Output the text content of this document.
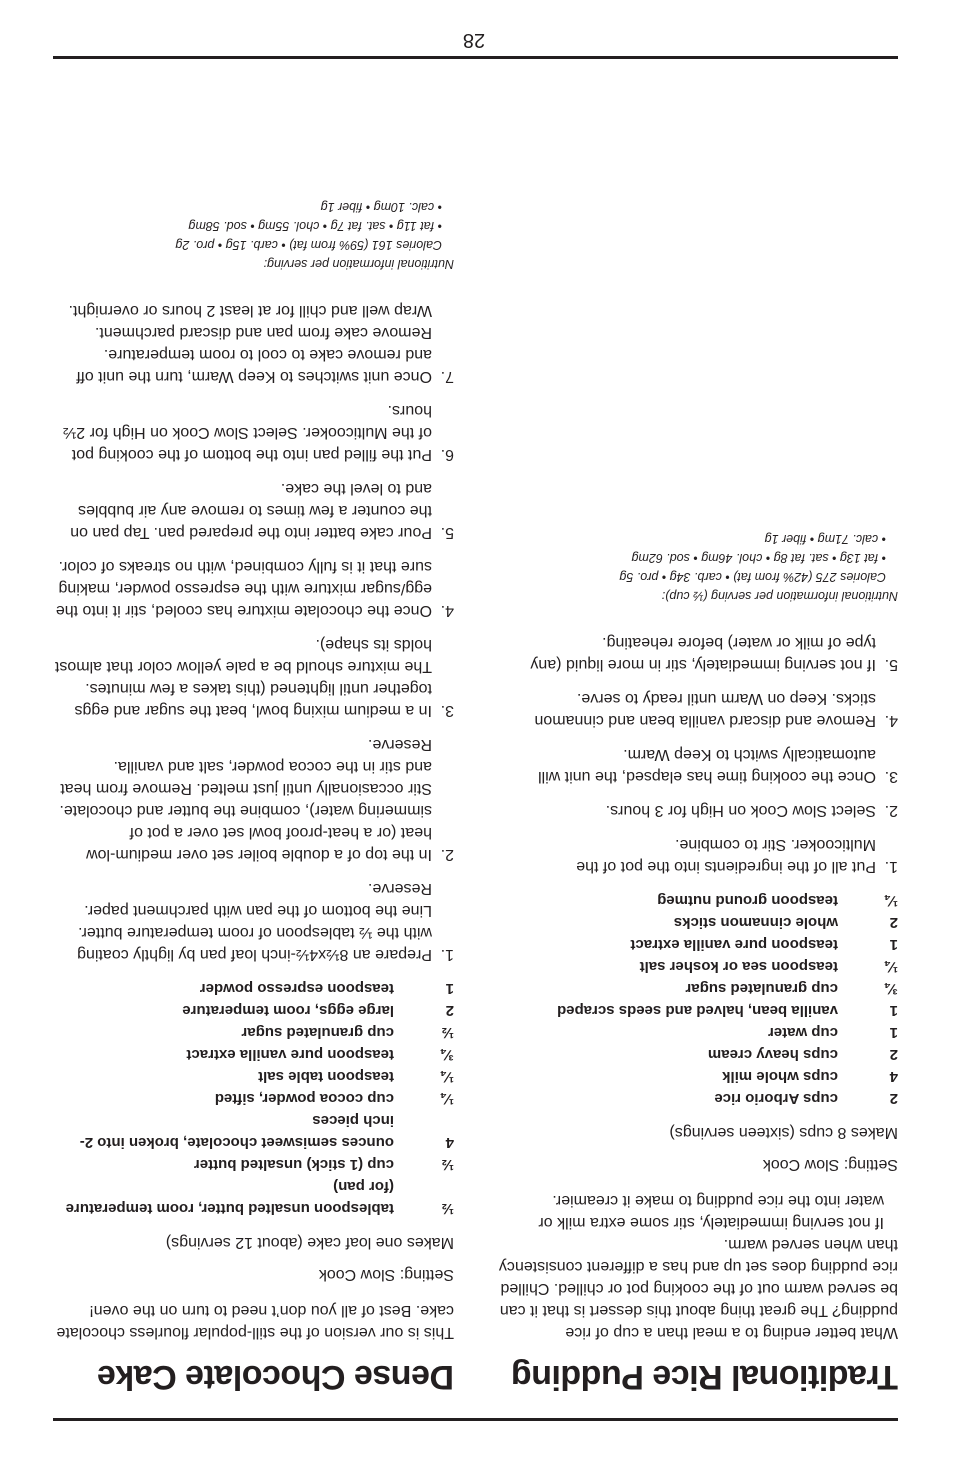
Traditional Rice Pudding

What better ending to a meal than a cup of rice pudding? The great thing about this dessert is that it can be served warm out of the cooking pot or chilled. Chilled rice pudding does set up and has a different consistency than when served warm.

If not serving immediately, stir some extra milk or water into the rice pudding to make it creamier.

Setting: Slow Cook

Makes 8 cups (sixteen servings)

2
cups Arborio rice
4
cups whole milk
2
cups heavy cream
1
cup water
1
vanilla bean, halved and seeds scraped
¾
cup granulated sugar
¼
teaspoon sea or kosher salt
1
teaspoon pure vanilla extract
2
whole cinnamon sticks
¼
teaspoon ground nutmeg
1.
Put all of the ingredients into the pot of the Multicooker. Stir to combine.
2.
Select Slow Cook on High for 3 hours.
3.
Once the cooking time has elapsed, the unit will automatically switch to Keep Warm.
4.
Remove and discard vanilla bean and cinnamon sticks. Keep on Warm until ready to serve.
5.
If not serving immediately, stir in more liquid (any type of milk or water) before reheating.
Nutritional information per serving (½ cup):
Calories 275 (42% from fat) • carb. 34g • pro. 5g
• fat 13g • sat. fat 8g • chol. 46mg • sod. 62mg
• calc. 71mg • fiber 1g
Dense Chocolate Cake

This is our version of the still-popular flourless chocolate cake. Best of all you don’t need to turn on the oven!

Setting: Slow Cook

Makes one loaf cake (about 12 servings)

½
tablespoon unsalted butter, room temperature (for pan)
½
cup (1 stick) unsalted butter
4
ounces semisweet chocolate, broken into 2-inch pieces
¼
cup cocoa powder, sifted
¼
teaspoon table salt
¾
teaspoon pure vanilla extract
½
cup granulated sugar
2
large eggs, room temperature
1
teaspoon espresso powder
1.
Prepare an 8½x4½-inch loaf pan by lightly coating with the ½ tablespoon of room temperature butter. Line the bottom of the pan with parchment paper. Reserve.
2.
In the top of a double boiler set over medium-low heat (or a heat-proof bowl set over a pot of simmering water), combine the butter and chocolate. Stir occasionally until just melted. Remove from heat and stir in the cocoa powder, salt and vanilla. Reserve.
3.
In a medium mixing bowl, beat the sugar and eggs together until lightened (this takes a few minutes. The mixture should be a pale yellow color that almost holds its shape).
4.
Once the chocolate mixture has cooled, stir it into the egg/sugar mixture with the espresso powder, making sure that it is fully combined, with no streaks of color.
5.
Pour cake batter into the prepared pan. Tap pan on the counter a few times to remove any air bubbles and to level the cake.
6.
Put the filled pan into the bottom of the cooking pot of the Multicooker. Select Slow Cook on High for 2½ hours.
7.
Once unit switches to Keep Warm, turn the unit off and remove cake to cool to room temperature. Remove cake from pan and discard parchment. Wrap well and chill for at least 2 hours or overnight.
Nutritional information per serving:
Calories 161 (59% from fat) • carb. 15g • pro. 2g
• fat 11g • sat. fat 7g • chol. 55mg • sod. 58mg
• calc. 10mg • fiber 1g
28
